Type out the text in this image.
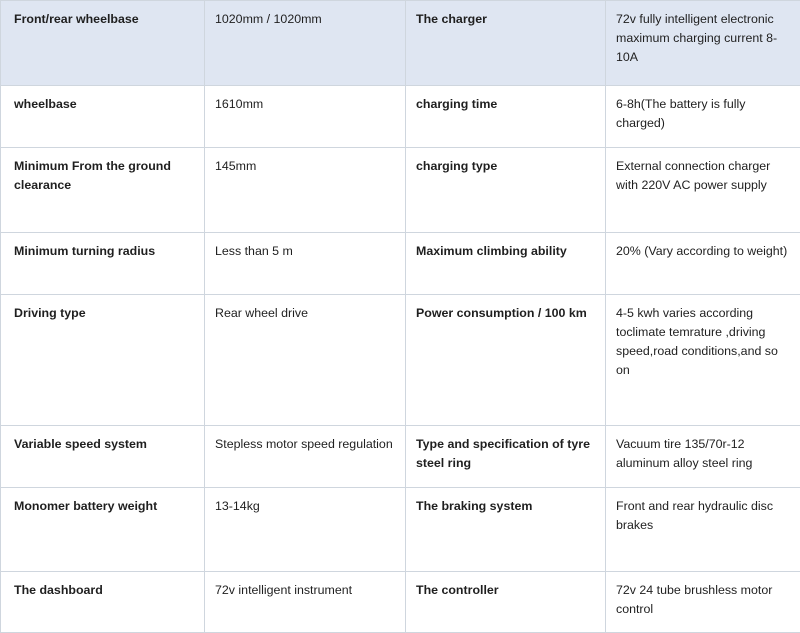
Front/rear wheelbase	1020mm / 1020mm	The charger	72v fully intelligent electronic maximum charging current 8-10A
wheelbase	1610mm	charging time	6-8h(The battery is fully charged)
Minimum From the ground clearance	145mm	charging type	External connection charger with 220V AC power supply
Minimum turning radius	Less than 5 m	Maximum climbing ability	20% (Vary according to weight)
Driving type	Rear wheel drive	Power consumption / 100 km	4-5 kwh varies according toclimate temrature ,driving speed,road conditions,and so on
Variable speed system	Stepless motor speed regulation	Type and specification of tyre steel ring	Vacuum tire 135/70r-12 aluminum alloy steel ring
Monomer battery weight	13-14kg	The braking system	Front and rear hydraulic disc brakes
The dashboard	72v intelligent instrument	The controller	72v 24 tube brushless motor control
